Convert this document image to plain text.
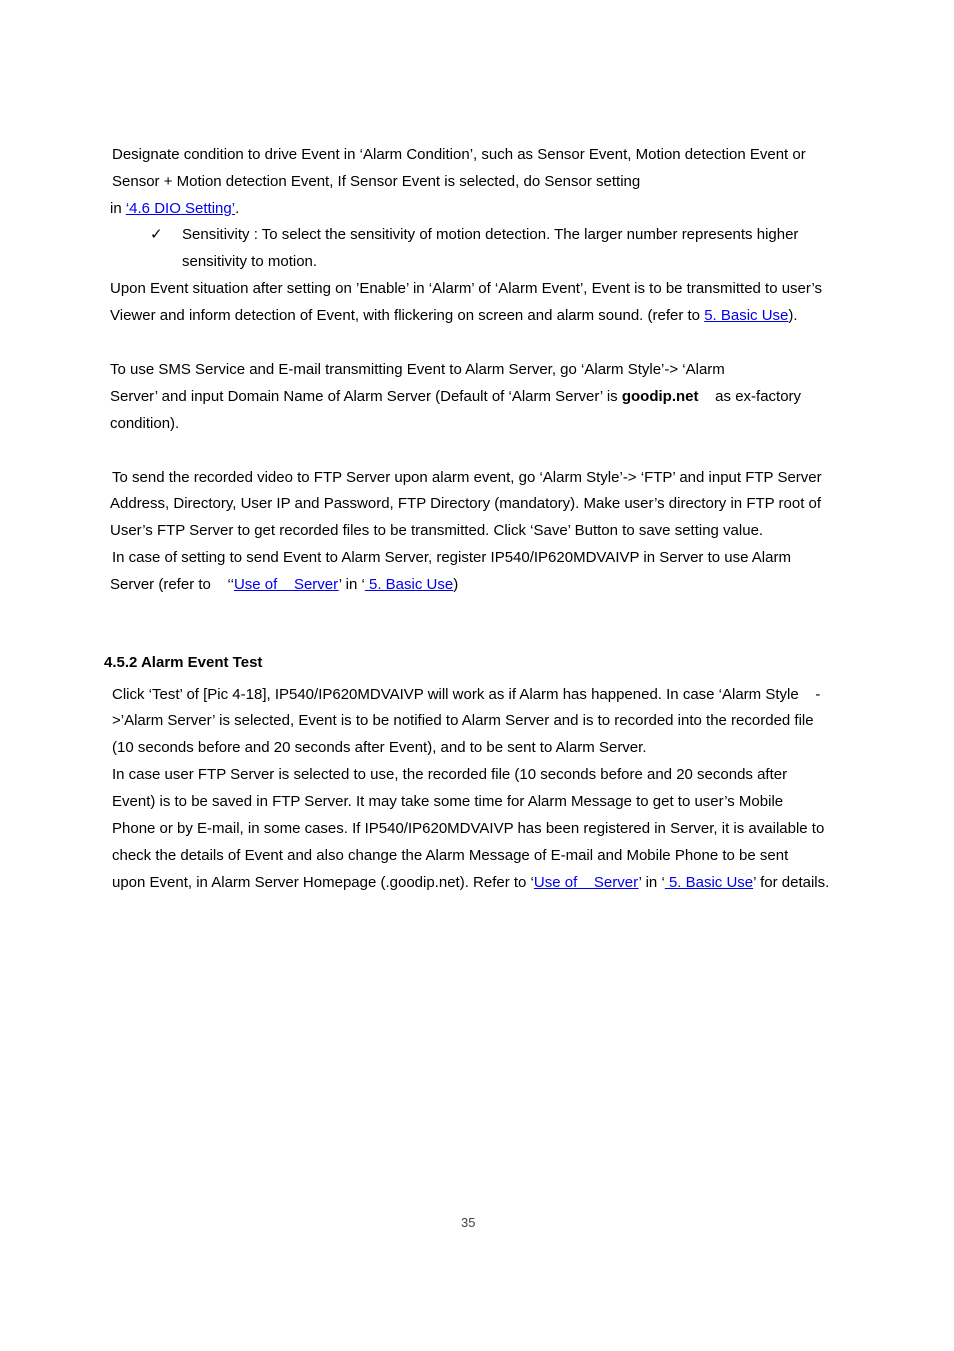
Designate condition to drive Event in ‘Alarm Condition’, such as Sensor Event, Motion detection Event or
Sensor + Motion detection Event, If Sensor Event is selected, do Sensor setting
in ‘4.6 DIO Setting’.
✓ Sensitivity : To select the sensitivity of motion detection. The larger number represents higher
sensitivity to motion.
Upon Event situation after setting on ’Enable’ in ‘Alarm’ of ‘Alarm Event’, Event is to be transmitted to user’s
Viewer and inform detection of Event, with flickering on screen and alarm sound. (refer to 5. Basic Use).
To use SMS Service and E-mail transmitting Event to Alarm Server, go ‘Alarm Style’-> ‘Alarm
Server’ and input Domain Name of Alarm Server (Default of ‘Alarm Server’ is goodip.net    as ex-factory
condition).
To send the recorded video to FTP Server upon alarm event, go ‘Alarm Style’-> ‘FTP’ and input FTP Server
Address, Directory, User IP and Password, FTP Directory (mandatory). Make user’s directory in FTP root of
User’s FTP Server to get recorded files to be transmitted. Click ‘Save’ Button to save setting value.
In case of setting to send Event to Alarm Server, register IP540/IP620MDVAIVP in Server to use Alarm
Server (refer to    ‘‘Use of    Server’ in ‘ 5. Basic Use)
4.5.2 Alarm Event Test
Click ‘Test’ of [Pic 4-18], IP540/IP620MDVAIVP will work as if Alarm has happened. In case ‘Alarm Style    -
>’Alarm Server’ is selected, Event is to be notified to Alarm Server and is to recorded into the recorded file
(10 seconds before and 20 seconds after Event), and to be sent to Alarm Server.
In case user FTP Server is selected to use, the recorded file (10 seconds before and 20 seconds after
Event) is to be saved in FTP Server. It may take some time for Alarm Message to get to user’s Mobile
Phone or by E-mail, in some cases. If IP540/IP620MDVAIVP has been registered in Server, it is available to
check the details of Event and also change the Alarm Message of E-mail and Mobile Phone to be sent
upon Event, in Alarm Server Homepage (.goodip.net). Refer to ‘Use of    Server’ in ‘ 5. Basic Use’ for details.
35
